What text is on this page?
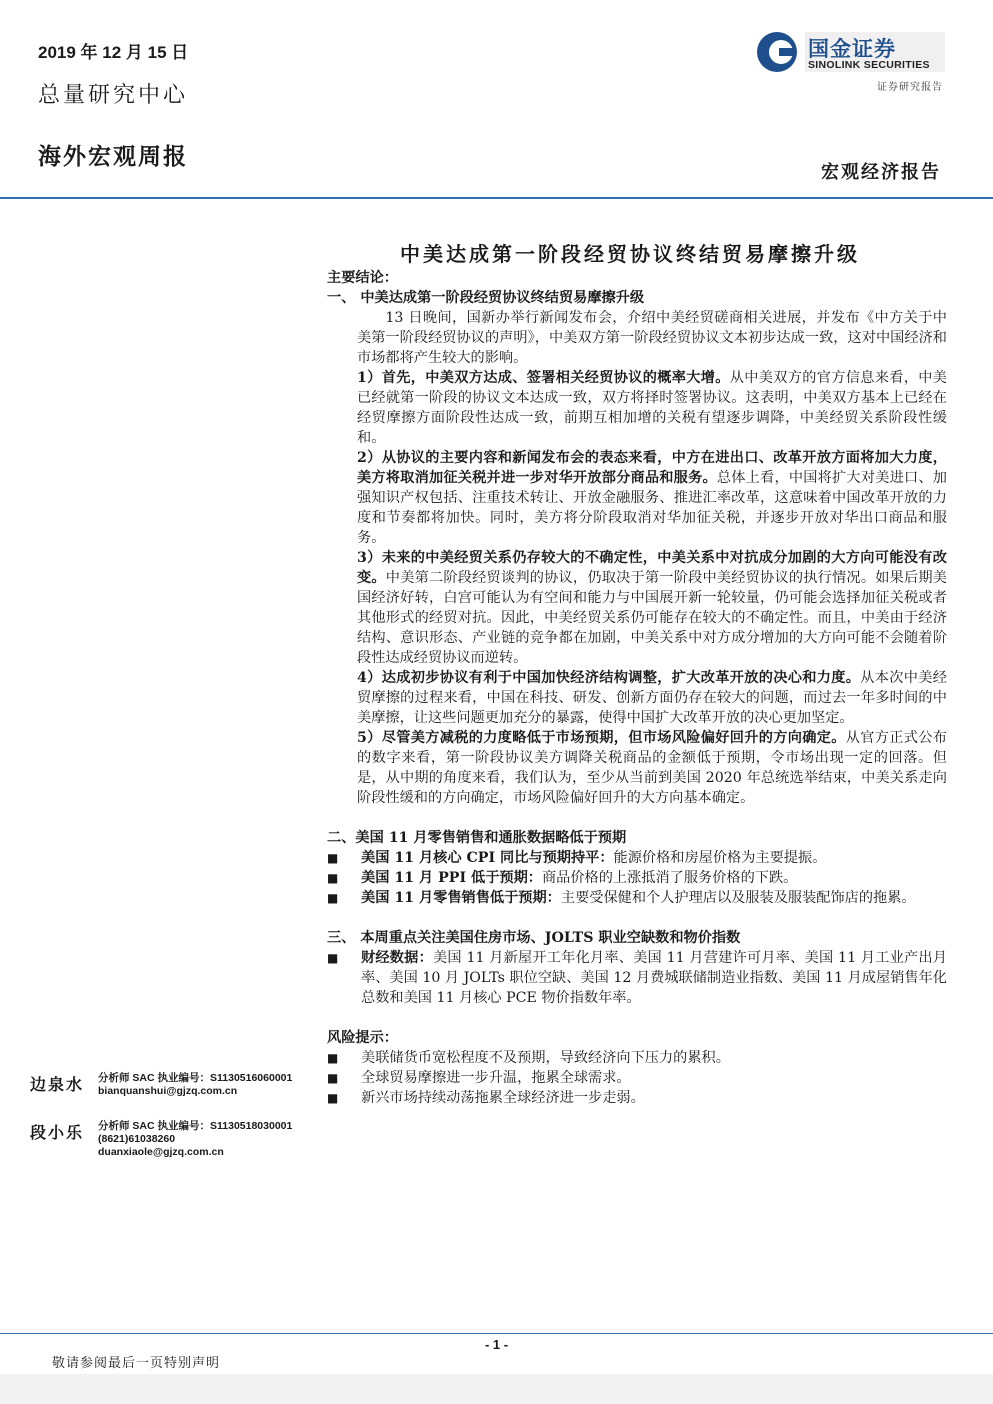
2019 年 12 月 15 日
总量研究中心
海外宏观周报
宏观经济报告
国金证券
SINOLINK SECURITIES
证券研究报告
中美达成第一阶段经贸协议终结贸易摩擦升级

主要结论：

一、 中美达成第一阶段经贸协议终结贸易摩擦升级

13 日晚间，国新办举行新闻发布会，介绍中美经贸磋商相关进展，并发布《中方关于中美第一阶段经贸协议的声明》，中美双方第一阶段经贸协议文本初步达成一致，这对中国经济和市场都将产生较大的影响。

1）首先，中美双方达成、签署相关经贸协议的概率大增。从中美双方的官方信息来看，中美已经就第一阶段的协议文本达成一致，双方将择时签署协议。这表明，中美双方基本上已经在经贸摩擦方面阶段性达成一致，前期互相加增的关税有望逐步调降，中美经贸关系阶段性缓和。

2）从协议的主要内容和新闻发布会的表态来看，中方在进出口、改革开放方面将加大力度，美方将取消加征关税并进一步对华开放部分商品和服务。总体上看，中国将扩大对美进口、加强知识产权包括、注重技术转让、开放金融服务、推进汇率改革，这意味着中国改革开放的力度和节奏都将加快。同时，美方将分阶段取消对华加征关税，并逐步开放对华出口商品和服务。

3）未来的中美经贸关系仍存较大的不确定性，中美关系中对抗成分加剧的大方向可能没有改变。中美第二阶段经贸谈判的协议，仍取决于第一阶段中美经贸协议的执行情况。如果后期美国经济好转，白宫可能认为有空间和能力与中国展开新一轮较量，仍可能会选择加征关税或者其他形式的经贸对抗。因此，中美经贸关系仍可能存在较大的不确定性。而且，中美由于经济结构、意识形态、产业链的竞争都在加剧，中美关系中对方成分增加的大方向可能不会随着阶段性达成经贸协议而逆转。

4）达成初步协议有利于中国加快经济结构调整，扩大改革开放的决心和力度。从本次中美经贸摩擦的过程来看，中国在科技、研发、创新方面仍存在较大的问题，而过去一年多时间的中美摩擦，让这些问题更加充分的暴露，使得中国扩大改革开放的决心更加坚定。

5）尽管美方减税的力度略低于市场预期，但市场风险偏好回升的方向确定。从官方正式公布的数字来看，第一阶段协议美方调降关税商品的金额低于预期，令市场出现一定的回落。但是，从中期的角度来看，我们认为，至少从当前到美国 2020 年总统选举结束，中美关系走向阶段性缓和的方向确定，市场风险偏好回升的大方向基本确定。

二、美国 11 月零售销售和通胀数据略低于预期

■ 美国 11 月核心 CPI 同比与预期持平：能源价格和房屋价格为主要提振。

■ 美国 11 月 PPI 低于预期：商品价格的上涨抵消了服务价格的下跌。

■ 美国 11 月零售销售低于预期：主要受保健和个人护理店以及服装及服装配饰店的拖累。

三、 本周重点关注美国住房市场、JOLTS 职业空缺数和物价指数

■ 财经数据：美国 11 月新屋开工年化月率、美国 11 月营建许可月率、美国 11 月工业产出月率、美国 10 月 JOLTs 职位空缺、美国 12 月费城联储制造业指数、美国 11 月成屋销售年化总数和美国 11 月核心 PCE 物价指数年率。

风险提示：

■ 美联储货币宽松程度不及预期，导致经济向下压力的累积。

■ 全球贸易摩擦进一步升温，拖累全球需求。

■ 新兴市场持续动荡拖累全球经济进一步走弱。

边泉水 分析师 SAC 执业编号：S1130516060001
bianquanshui@gjzq.com.cn
段小乐 分析师 SAC 执业编号：S1130518030001
(8621)61038260
duanxiaole@gjzq.com.cn
- 1 -
敬请参阅最后一页特别声明
